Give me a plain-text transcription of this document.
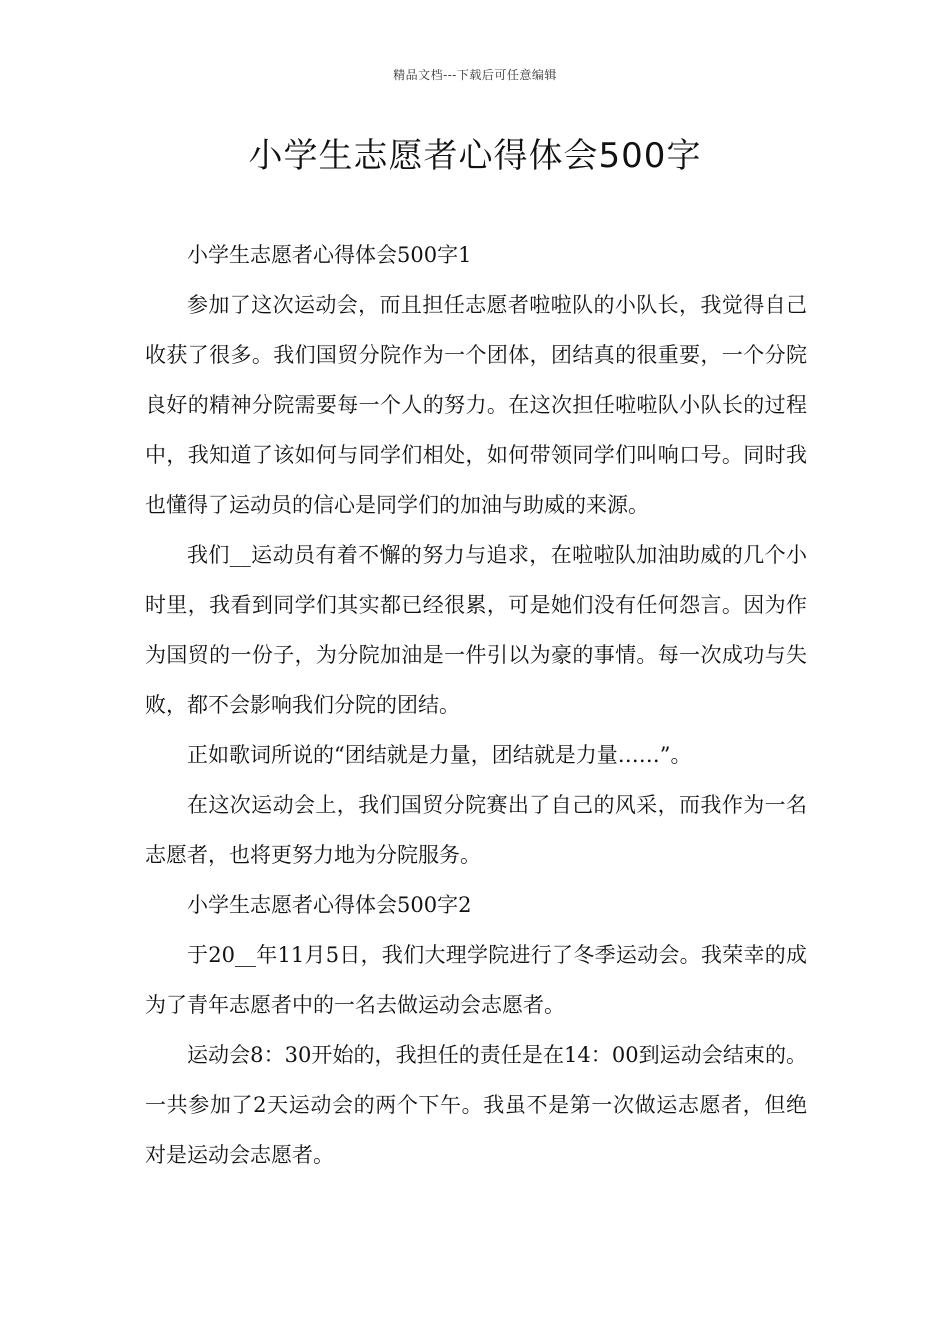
精品文档---下载后可任意编辑
小学生志愿者心得体会500字

小学生志愿者心得体会500字1

参加了这次运动会，而且担任志愿者啦啦队的小队长，我觉得自己收获了很多。我们国贸分院作为一个团体，团结真的很重要，一个分院良好的精神分院需要每一个人的努力。在这次担任啦啦队小队长的过程中，我知道了该如何与同学们相处，如何带领同学们叫响口号。同时我也懂得了运动员的信心是同学们的加油与助威的来源。

我们__运动员有着不懈的努力与追求，在啦啦队加油助威的几个小时里，我看到同学们其实都已经很累，可是她们没有任何怨言。因为作为国贸的一份子，为分院加油是一件引以为豪的事情。每一次成功与失败，都不会影响我们分院的团结。

正如歌词所说的“团结就是力量，团结就是力量……”。

在这次运动会上，我们国贸分院赛出了自己的风采，而我作为一名志愿者，也将更努力地为分院服务。

小学生志愿者心得体会500字2

于20__年11月5日，我们大理学院进行了冬季运动会。我荣幸的成为了青年志愿者中的一名去做运动会志愿者。

运动会8：30开始的，我担任的责任是在14：00到运动会结束的。一共参加了2天运动会的两个下午。我虽不是第一次做运志愿者，但绝对是运动会志愿者。
